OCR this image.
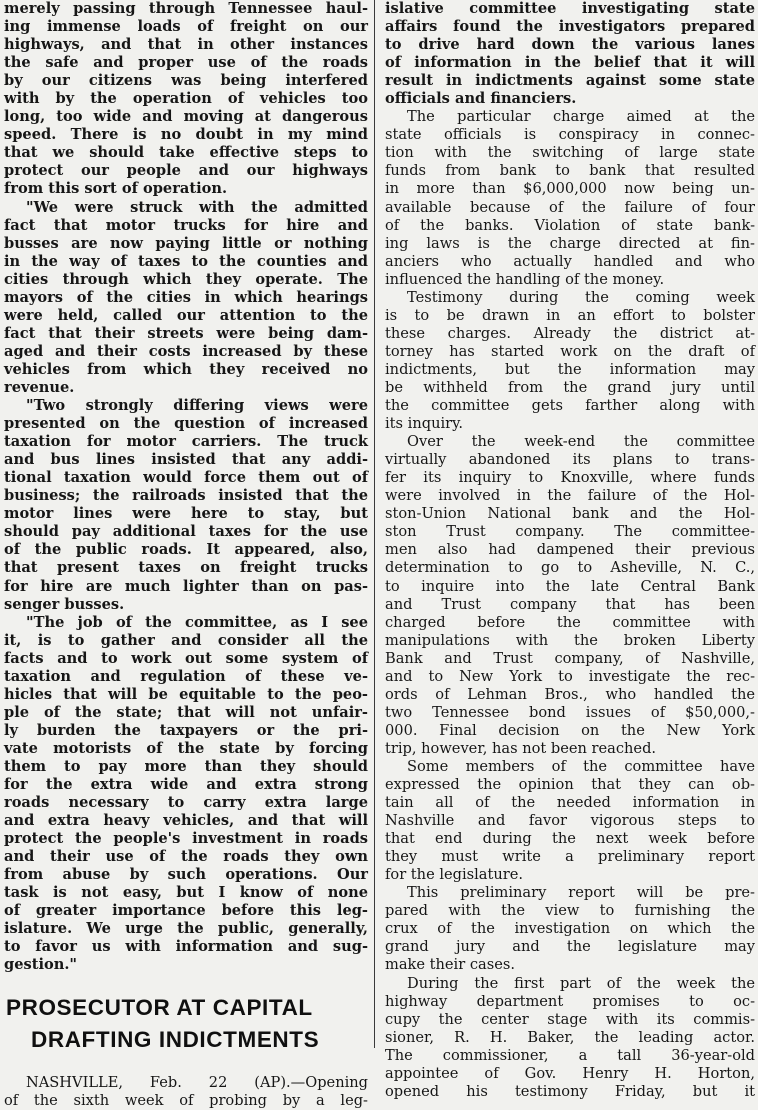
merely passing through Tennessee haul-
ing immense loads of freight on our
highways, and that in other instances
the safe and proper use of the roads
by our citizens was being interfered
with by the operation of vehicles too
long, too wide and moving at dangerous
speed. There is no doubt in my mind
that we should take effective steps to
protect our people and our highways
from this sort of operation.
"We were struck with the admitted
fact that motor trucks for hire and
busses are now paying little or nothing
in the way of taxes to the counties and
cities through which they operate. The
mayors of the cities in which hearings
were held, called our attention to the
fact that their streets were being dam-
aged and their costs increased by these
vehicles from which they received no
revenue.
"Two strongly differing views were
presented on the question of increased
taxation for motor carriers. The truck
and bus lines insisted that any addi-
tional taxation would force them out of
business; the railroads insisted that the
motor lines were here to stay, but
should pay additional taxes for the use
of the public roads. It appeared, also,
that present taxes on freight trucks
for hire are much lighter than on pas-
senger busses.
"The job of the committee, as I see
it, is to gather and consider all the
facts and to work out some system of
taxation and regulation of these ve-
hicles that will be equitable to the peo-
ple of the state; that will not unfair-
ly burden the taxpayers or the pri-
vate motorists of the state by forcing
them to pay more than they should
for the extra wide and extra strong
roads necessary to carry extra large
and extra heavy vehicles, and that will
protect the people's investment in roads
and their use of the roads they own
from abuse by such operations. Our
task is not easy, but I know of none
of greater importance before this leg-
islature. We urge the public, generally,
to favor us with information and sug-
gestion."
PROSECUTOR AT CAPITAL
DRAFTING INDICTMENTS
NASHVILLE, Feb. 22 (AP).—Opening
of the sixth week of probing by a leg-
islative committee investigating state
affairs found the investigators prepared
to drive hard down the various lanes
of information in the belief that it will
result in indictments against some state
officials and financiers.
The particular charge aimed at the
state officials is conspiracy in connec-
tion with the switching of large state
funds from bank to bank that resulted
in more than $6,000,000 now being un-
available because of the failure of four
of the banks. Violation of state bank-
ing laws is the charge directed at fin-
anciers who actually handled and who
influenced the handling of the money.
Testimony during the coming week
is to be drawn in an effort to bolster
these charges. Already the district at-
torney has started work on the draft of
indictments, but the information may
be withheld from the grand jury until
the committee gets farther along with
its inquiry.
Over the week-end the committee
virtually abandoned its plans to trans-
fer its inquiry to Knoxville, where funds
were involved in the failure of the Hol-
ston-Union National bank and the Hol-
ston Trust company. The committee-
men also had dampened their previous
determination to go to Asheville, N. C.,
to inquire into the late Central Bank
and Trust company that has been
charged before the committee with
manipulations with the broken Liberty
Bank and Trust company, of Nashville,
and to New York to investigate the rec-
ords of Lehman Bros., who handled the
two Tennessee bond issues of $50,000,-
000. Final decision on the New York
trip, however, has not been reached.
Some members of the committee have
expressed the opinion that they can ob-
tain all of the needed information in
Nashville and favor vigorous steps to
that end during the next week before
they must write a preliminary report
for the legislature.
This preliminary report will be pre-
pared with the view to furnishing the
crux of the investigation on which the
grand jury and the legislature may
make their cases.
During the first part of the week the
highway department promises to oc-
cupy the center stage with its commis-
sioner, R. H. Baker, the leading actor.
The commissioner, a tall 36-year-old
appointee of Gov. Henry H. Horton,
opened his testimony Friday, but it
